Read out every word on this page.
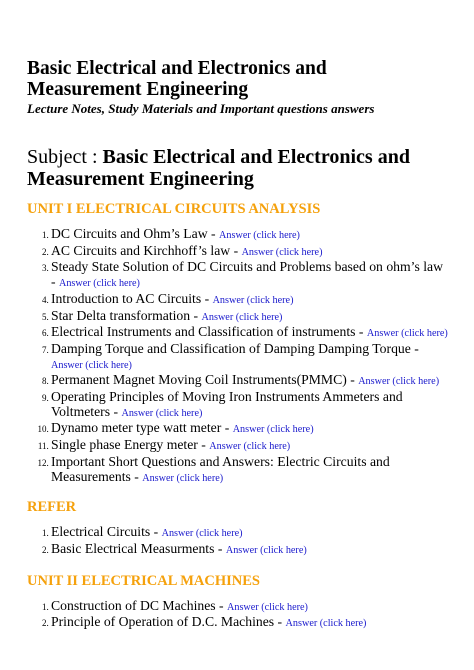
Basic Electrical and Electronics and
Measurement Engineering

Lecture Notes, Study Materials and Important questions answers

Subject : Basic Electrical and Electronics and
Measurement Engineering

UNIT I ELECTRICAL CIRCUITS ANALYSIS
1. DC Circuits and Ohm’s Law - Answer (click here)
2. AC Circuits and Kirchhoff’s law - Answer (click here)
3. Steady State Solution of DC Circuits and Problems based on ohm’s law - Answer (click here)
4. Introduction to AC Circuits - Answer (click here)
5. Star Delta transformation - Answer (click here)
6. Electrical Instruments and Classification of instruments - Answer (click here)
7. Damping Torque and Classification of Damping Damping Torque - Answer (click here)
8. Permanent Magnet Moving Coil Instruments(PMMC) - Answer (click here)
9. Operating Principles of Moving Iron Instruments Ammeters and Voltmeters - Answer (click here)
10. Dynamo meter type watt meter - Answer (click here)
11. Single phase Energy meter - Answer (click here)
12. Important Short Questions and Answers: Electric Circuits and Measurements - Answer (click here)
REFER
1. Electrical Circuits - Answer (click here)
2. Basic Electrical Measurments - Answer (click here)
UNIT II ELECTRICAL MACHINES
1. Construction of DC Machines - Answer (click here)
2. Principle of Operation of D.C. Machines - Answer (click here)
